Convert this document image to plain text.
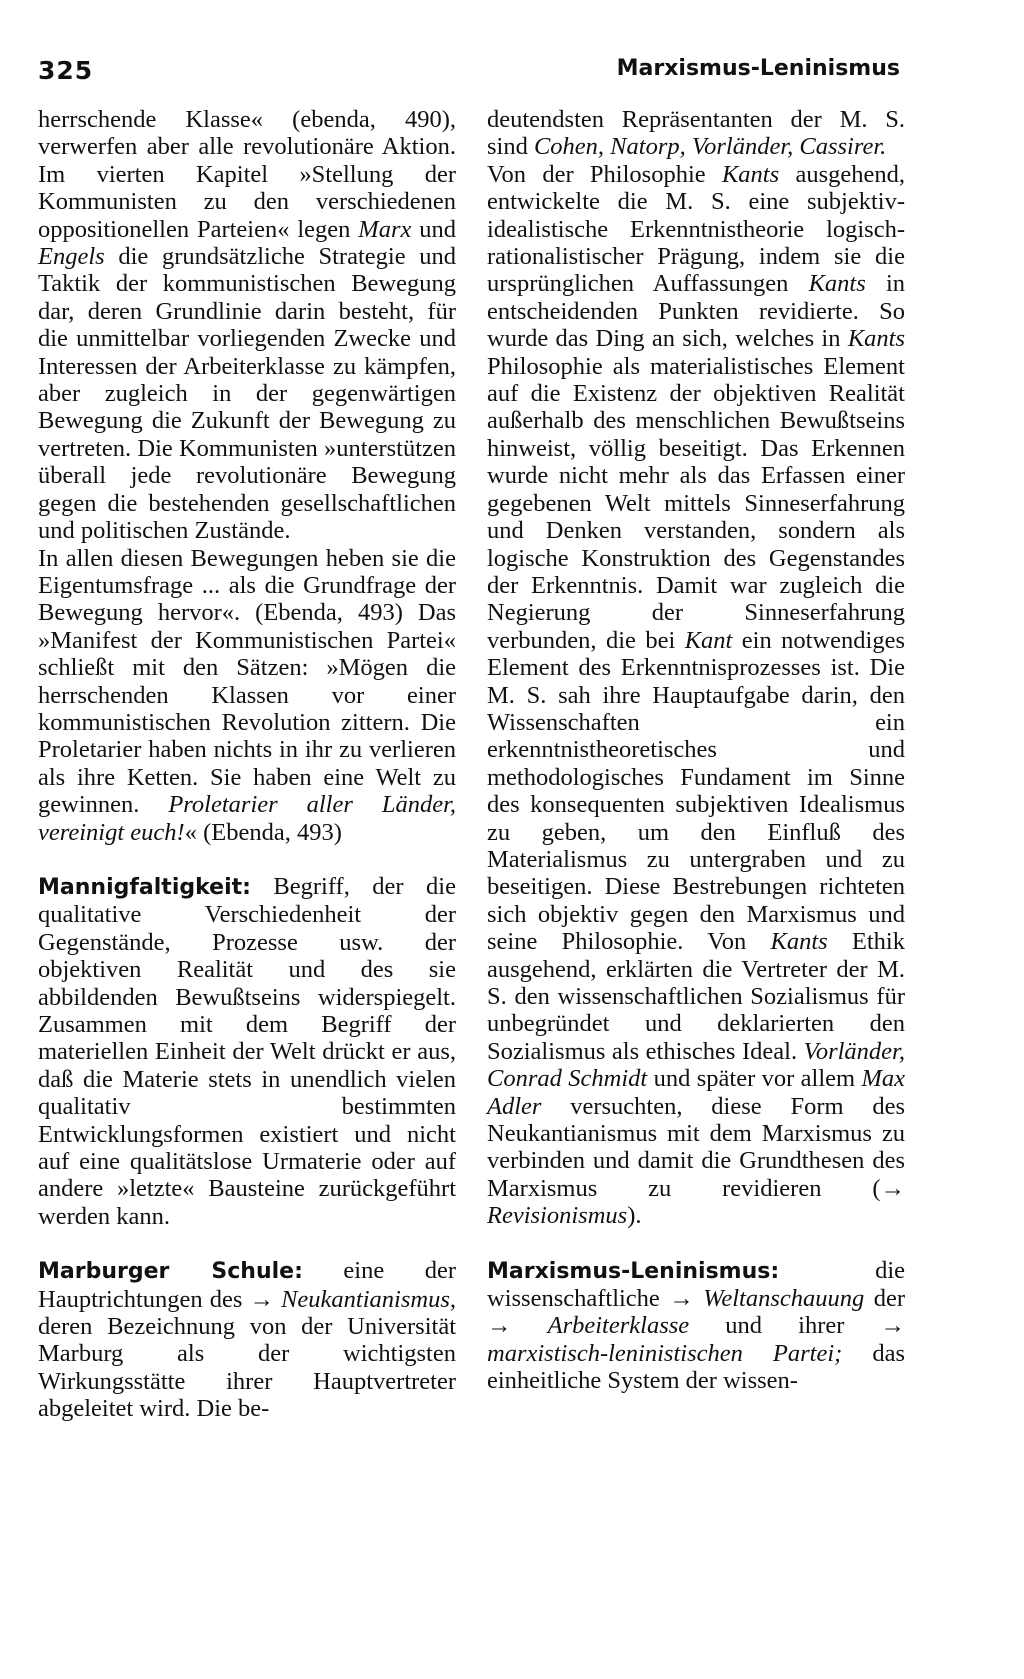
325	Marxismus-Leninismus

herrschende Klasse« (ebenda, 490), verwerfen aber alle revolutionäre Aktion. Im vierten Kapitel »Stellung der Kommunisten zu den verschiedenen oppositionellen Parteien« legen Marx und Engels die grundsätzliche Strategie und Taktik der kommunistischen Bewegung dar, deren Grundlinie darin besteht, für die unmittelbar vorliegenden Zwecke und Interessen der Arbeiterklasse zu kämpfen, aber zugleich in der gegenwärtigen Bewegung die Zukunft der Bewegung zu vertreten. Die Kommunisten »unterstützen überall jede revolutionäre Bewegung gegen die bestehenden gesellschaftlichen und politischen Zustände.

In allen diesen Bewegungen heben sie die Eigentumsfrage ... als die Grundfrage der Bewegung hervor«. (Ebenda, 493) Das »Manifest der Kommunistischen Partei« schließt mit den Sätzen: »Mögen die herrschenden Klassen vor einer kommunistischen Revolution zittern. Die Proletarier haben nichts in ihr zu verlieren als ihre Ketten. Sie haben eine Welt zu gewinnen. Proletarier aller Länder, vereinigt euch!« (Ebenda, 493)

Mannigfaltigkeit: Begriff, der die qualitative Verschiedenheit der Gegenstände, Prozesse usw. der objektiven Realität und des sie abbildenden Bewußtseins widerspiegelt. Zusammen mit dem Begriff der materiellen Einheit der Welt drückt er aus, daß die Materie stets in unendlich vielen qualitativ bestimmten Entwicklungsformen existiert und nicht auf eine qualitätslose Urmaterie oder auf andere »letzte« Bausteine zurückgeführt werden kann.

Marburger Schule: eine der Hauptrichtungen des → Neukantianismus, deren Bezeichnung von der Universität Marburg als der wichtigsten Wirkungsstätte ihrer Hauptvertreter abgeleitet wird. Die be-

deutendsten Repräsentanten der M. S. sind Cohen, Natorp, Vorländer, Cassirer.

Von der Philosophie Kants ausgehend, entwickelte die M. S. eine subjektiv-idealistische Erkenntnistheorie logisch-rationalistischer Prägung, indem sie die ursprünglichen Auffassungen Kants in entscheidenden Punkten revidierte. So wurde das Ding an sich, welches in Kants Philosophie als materialistisches Element auf die Existenz der objektiven Realität außerhalb des menschlichen Bewußtseins hinweist, völlig beseitigt. Das Erkennen wurde nicht mehr als das Erfassen einer gegebenen Welt mittels Sinneserfahrung und Denken verstanden, sondern als logische Konstruktion des Gegenstandes der Erkenntnis. Damit war zugleich die Negierung der Sinneserfahrung verbunden, die bei Kant ein notwendiges Element des Erkenntnisprozesses ist. Die M. S. sah ihre Hauptaufgabe darin, den Wissenschaften ein erkenntnistheoretisches und methodologisches Fundament im Sinne des konsequenten subjektiven Idealismus zu geben, um den Einfluß des Materialismus zu untergraben und zu beseitigen. Diese Bestrebungen richteten sich objektiv gegen den Marxismus und seine Philosophie. Von Kants Ethik ausgehend, erklärten die Vertreter der M. S. den wissenschaftlichen Sozialismus für unbegründet und deklarierten den Sozialismus als ethisches Ideal. Vorländer, Conrad Schmidt und später vor allem Max Adler versuchten, diese Form des Neukantianismus mit dem Marxismus zu verbinden und damit die Grundthesen des Marxismus zu revidieren (→ Revisionismus).

Marxismus-Leninismus: die wissenschaftliche → Weltanschauung der → Arbeiterklasse und ihrer → marxistisch-leninistischen Partei; das einheitliche System der wissen-
